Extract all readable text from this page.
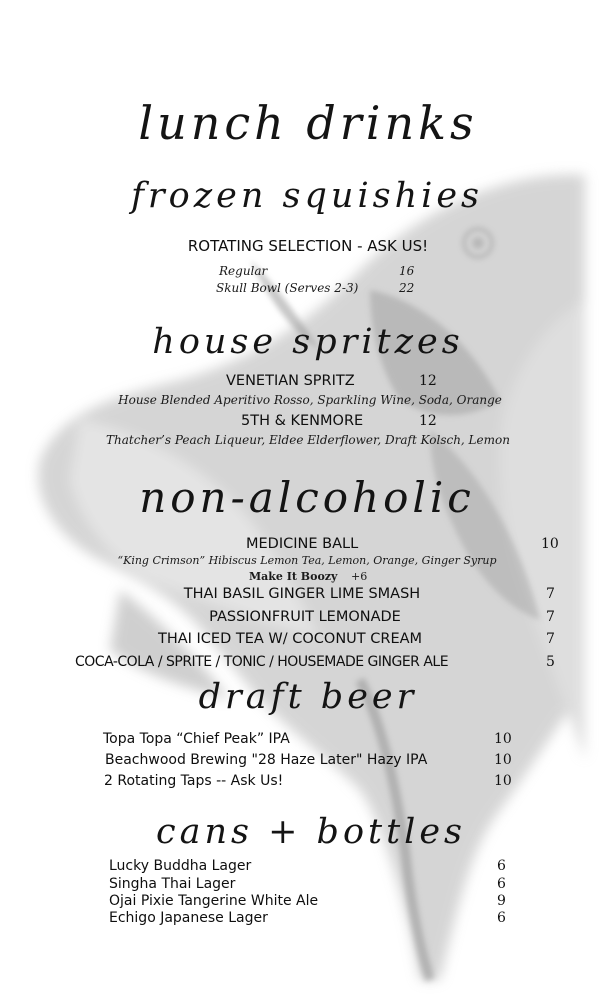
lunch drinks
frozen squishies
ROTATING SELECTION - ASK US!
Regular	16
Skull Bowl (Serves 2-3)	22
house spritzes
VENETIAN SPRITZ	12
House Blended Aperitivo Rosso, Sparkling Wine, Soda, Orange
5TH & KENMORE	12
Thatcher’s Peach Liqueur, Eldee Elderflower, Draft Kolsch, Lemon
non-alcoholic
MEDICINE BALL	10
“King Crimson” Hibiscus Lemon Tea, Lemon, Orange, Ginger Syrup
Make It Boozy +6
THAI BASIL GINGER LIME SMASH	7
PASSIONFRUIT LEMONADE	7
THAI ICED TEA W/ COCONUT CREAM	7
COCA-COLA / SPRITE / TONIC / HOUSEMADE GINGER ALE	5
draft beer
Topa Topa “Chief Peak” IPA	10
Beachwood Brewing "28 Haze Later" Hazy IPA	10
2 Rotating Taps -- Ask Us!	10
cans + bottles
Lucky Buddha Lager	6
Singha Thai Lager	6
Ojai Pixie Tangerine White Ale	9
Echigo Japanese Lager	6
